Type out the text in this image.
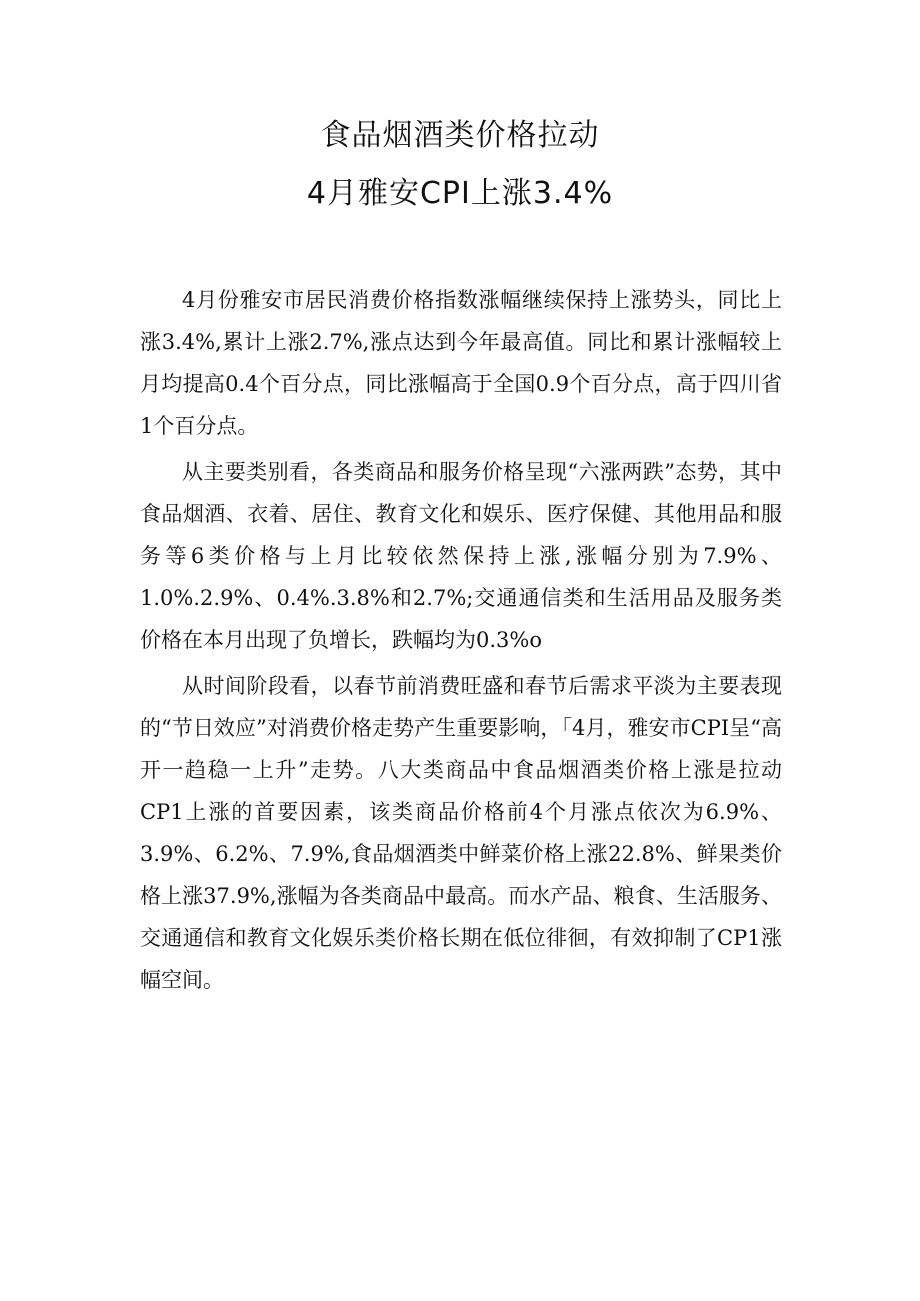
食品烟酒类价格拉动
4月雅安CPI上涨3.4%

4月份雅安市居民消费价格指数涨幅继续保持上涨势头，同比上涨3.4%,累计上涨2.7%,涨点达到今年最高值。同比和累计涨幅较上月均提高0.4个百分点，同比涨幅高于全国0.9个百分点，高于四川省1个百分点。

从主要类别看，各类商品和服务价格呈现“六涨两跌”态势，其中食品烟酒、衣着、居住、教育文化和娱乐、医疗保健、其他用品和服务等6类价格与上月比较依然保持上涨,涨幅分别为7.9%、1.0%.2.9%、0.4%.3.8%和2.7%;交通通信类和生活用品及服务类价格在本月出现了负增长，跌幅均为0.3%o

从时间阶段看，以春节前消费旺盛和春节后需求平淡为主要表现的“节日效应”对消费价格走势产生重要影响，「4月，雅安市CPI呈“高开一趋稳一上升”走势。八大类商品中食品烟酒类价格上涨是拉动CP1上涨的首要因素，该类商品价格前4个月涨点依次为6.9%、3.9%、6.2%、7.9%,食品烟酒类中鲜菜价格上涨22.8%、鲜果类价格上涨37.9%,涨幅为各类商品中最高。而水产品、粮食、生活服务、交通通信和教育文化娱乐类价格长期在低位徘徊，有效抑制了CP1涨幅空间。
